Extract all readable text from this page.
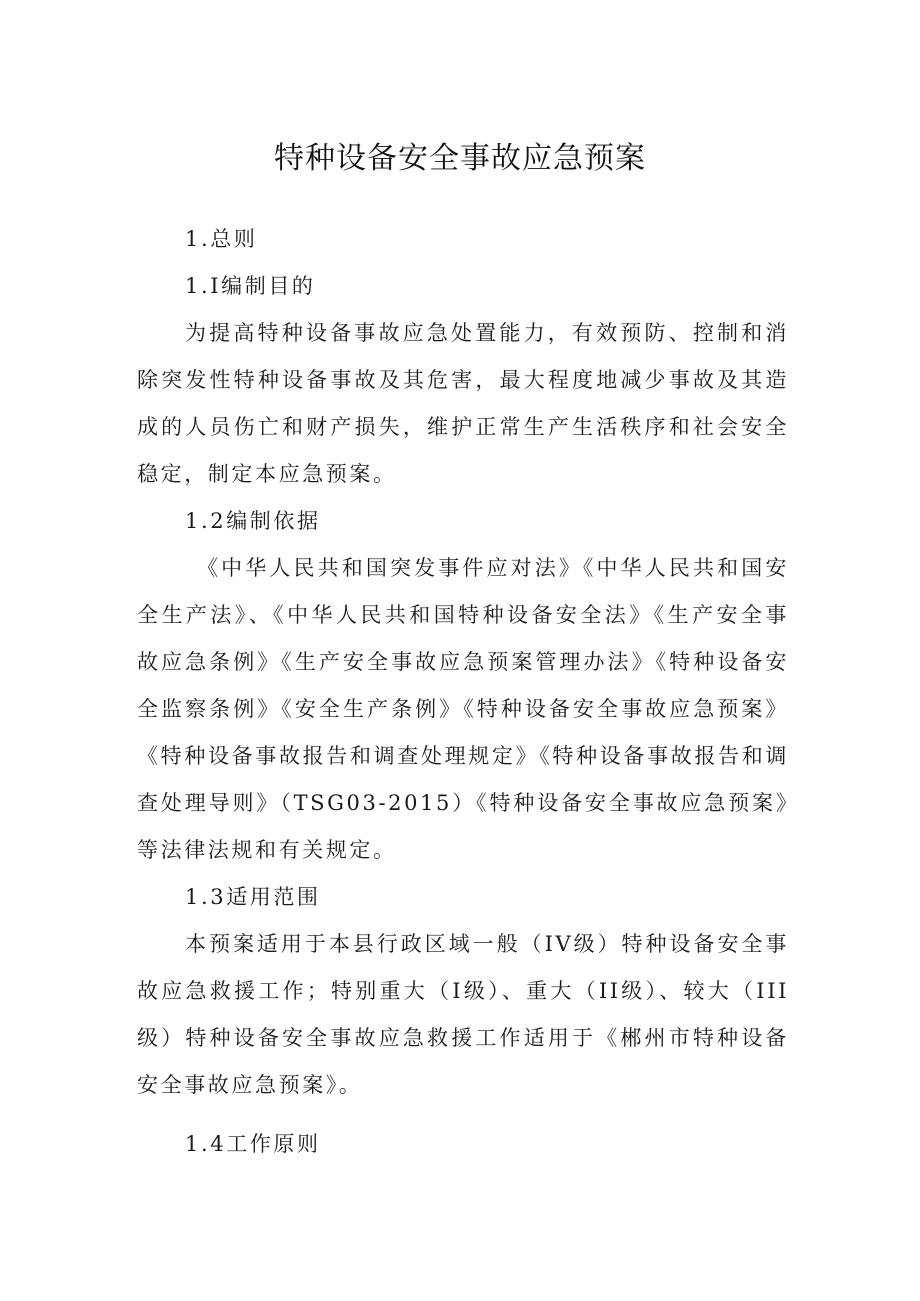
特种设备安全事故应急预案

1.总则

1.I编制目的

为提高特种设备事故应急处置能力，有效预防、控制和消除突发性特种设备事故及其危害，最大程度地减少事故及其造成的人员伤亡和财产损失，维护正常生产生活秩序和社会安全稳定，制定本应急预案。

1.2编制依据

《中华人民共和国突发事件应对法》《中华人民共和国安全生产法》、《中华人民共和国特种设备安全法》《生产安全事故应急条例》《生产安全事故应急预案管理办法》《特种设备安全监察条例》《安全生产条例》《特种设备安全事故应急预案》《特种设备事故报告和调查处理规定》《特种设备事故报告和调查处理导则》（TSG03-2015）《特种设备安全事故应急预案》等法律法规和有关规定。

1.3适用范围

本预案适用于本县行政区域一般（IV级）特种设备安全事故应急救援工作；特别重大（I级）、重大（II级）、较大（III级）特种设备安全事故应急救援工作适用于《郴州市特种设备安全事故应急预案》。

1.4工作原则
